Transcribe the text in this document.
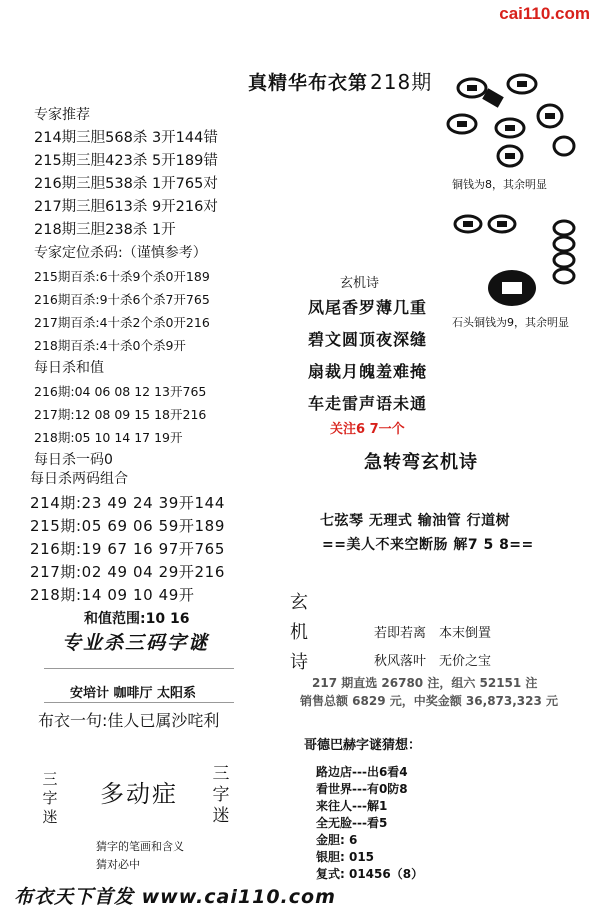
cai110.com
真精华布衣第 218期
专家推荐
214期三胆568杀 3开144错
215期三胆423杀 5开189错
216期三胆538杀 1开765对
217期三胆613杀 9开216对
218期三胆238杀 1开
专家定位杀码:（谨慎参考）
215期百杀:6十杀9个杀0开189
216期百杀:9十杀6个杀7开765
217期百杀:4十杀2个杀0开216
218期百杀:4十杀0个杀9开
每日杀和值
216期:04 06 08 12 13开765
217期:12 08 09 15 18开216
218期:05 10 14 17 19开
每日杀一码0
每日杀两码组合
214期:23 49 24 39开144
215期:05 69 06 59开189
216期:19 67 16 97开765
217期:02 49 04 29开216
218期:14 09 10 49开
和值范围:10 16
专业杀三码字谜
安培计 咖啡厅 太阳系
布衣一句:佳人已属沙咤利
三字迷
多动症
三字迷
猜字的笔画和含义
猜对必中
布衣天下首发 www.cai110.com
铜钱为8，其余明显
石头铜钱为9，其余明显
玄机诗
凤尾香罗薄几重
碧文圆顶夜深缝
扇裁月魄羞难掩
车走雷声语未通
关注6 7一个
急转弯玄机诗
七弦琴 无理式 输油管 行道树
==美人不来空断肠 解7 5 8==
玄机诗
若即若离　本末倒置
秋风落叶　无价之宝
217 期直选 26780 注，组六 52151 注
销售总额 6829 元，中奖金额 36,873,323 元
哥德巴赫字谜猜想：
路边店---出6看4
看世界---有0防8
来往人---解1
全无脸---看5
金胆: 6
银胆: 015
复式: 01456（8）
